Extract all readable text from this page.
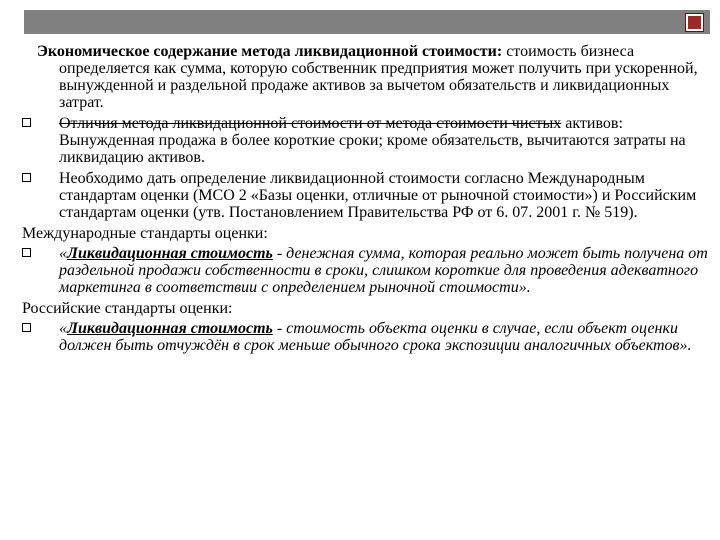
Экономическое содержание метода ликвидационной стоимости: стоимость бизнеса определяется как сумма, которую собственник предприятия может получить при ускоренной, вынужденной и раздельной продаже активов за вычетом обязательств и ликвидационных затрат.

Отличия метода ликвидационной стоимости от метода стоимости чистых активов: Вынужденная продажа в более короткие сроки; кроме обязательств, вычитаются затраты на ликвидацию активов.

Необходимо дать определение ликвидационной стоимости согласно Международным стандартам оценки (МСО 2 «Базы оценки, отличные от рыночной стоимости») и Российским стандартам оценки (утв. Постановлением Правительства РФ от 6. 07. 2001 г. № 519).

Международные стандарты оценки:

«Ликвидационная стоимость - денежная сумма, которая реально может быть получена от раздельной продажи собственности в сроки, слишком короткие для проведения адекватного маркетинга в соответствии с определением рыночной стоимости».

Российские стандарты оценки:

«Ликвидационная стоимость - стоимость объекта оценки в случае, если объект оценки должен быть отчуждён в срок меньше обычного срока экспозиции аналогичных объектов».
